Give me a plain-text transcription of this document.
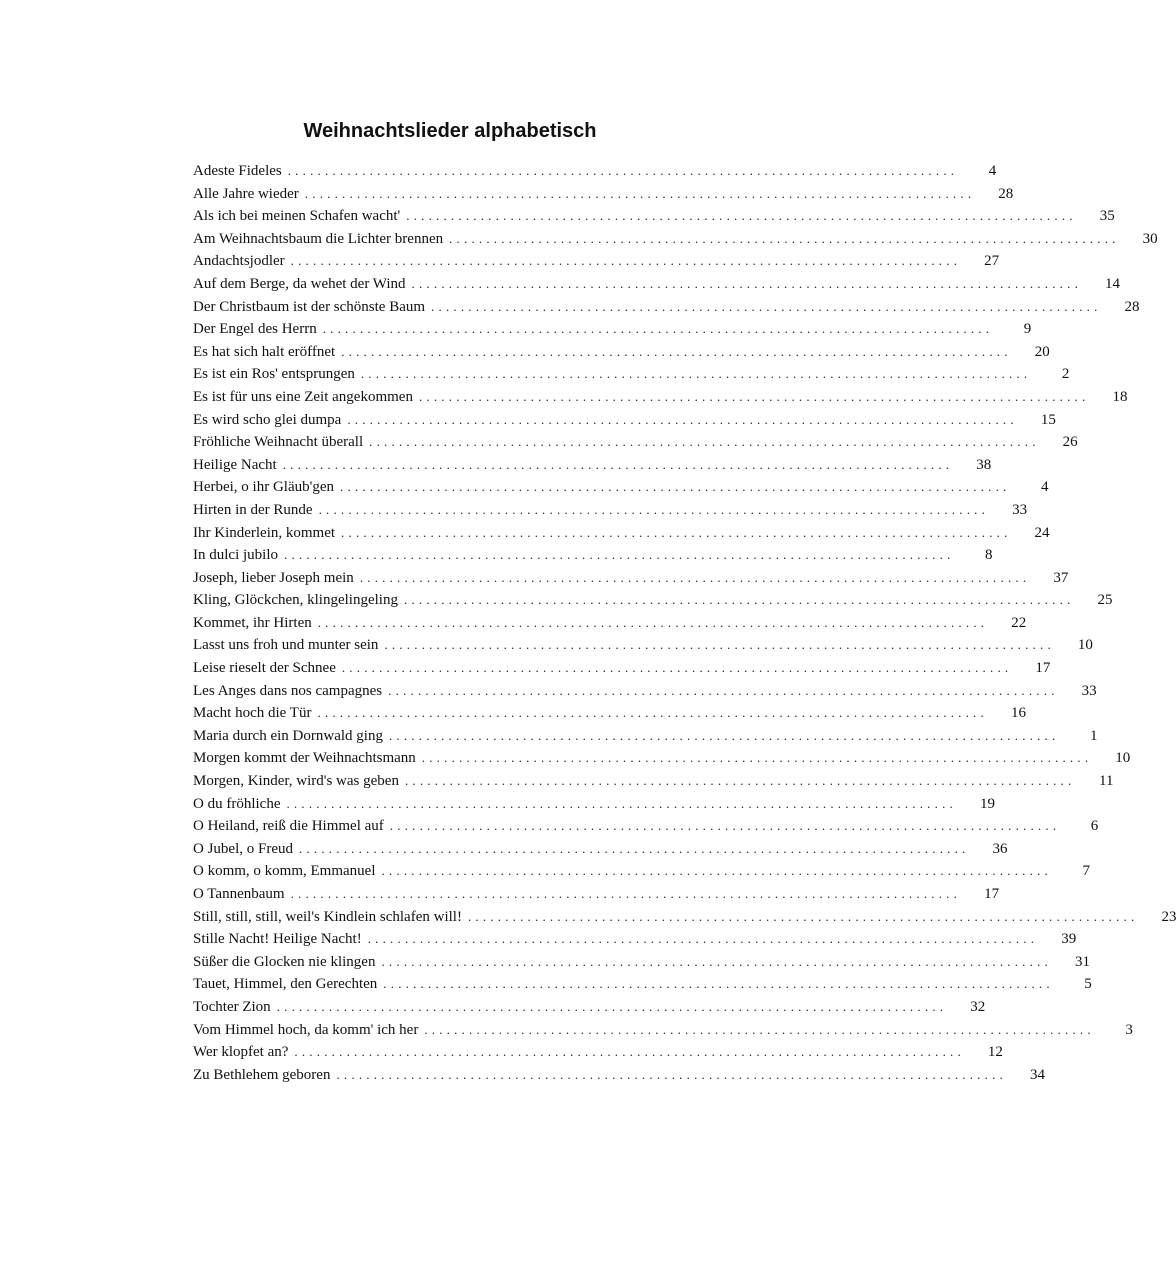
Weihnachtslieder alphabetisch
Adeste Fideles ..........................................................................................	4
Alle Jahre wieder ..........................................................................................	28
Als ich bei meinen Schafen wacht' ..........................................................................................	35
Am Weihnachtsbaum die Lichter brennen ..........................................................................................	30
Andachtsjodler ..........................................................................................	27
Auf dem Berge, da wehet der Wind ..........................................................................................	14
Der Christbaum ist der schönste Baum ..........................................................................................	28
Der Engel des Herrn ..........................................................................................	9
Es hat sich halt eröffnet ..........................................................................................	20
Es ist ein Ros' entsprungen ..........................................................................................	2
Es ist für uns eine Zeit angekommen ..........................................................................................	18
Es wird scho glei dumpa ..........................................................................................	15
Fröhliche Weihnacht überall ..........................................................................................	26
Heilige Nacht ..........................................................................................	38
Herbei, o ihr Gläub'gen ..........................................................................................	4
Hirten in der Runde ..........................................................................................	33
Ihr Kinderlein, kommet ..........................................................................................	24
In dulci jubilo ..........................................................................................	8
Joseph, lieber Joseph mein ..........................................................................................	37
Kling, Glöckchen, klingelingeling ..........................................................................................	25
Kommet, ihr Hirten ..........................................................................................	22
Lasst uns froh und munter sein ..........................................................................................	10
Leise rieselt der Schnee ..........................................................................................	17
Les Anges dans nos campagnes ..........................................................................................	33
Macht hoch die Tür ..........................................................................................	16
Maria durch ein Dornwald ging ..........................................................................................	1
Morgen kommt der Weihnachtsmann ..........................................................................................	10
Morgen, Kinder, wird's was geben ..........................................................................................	11
O du fröhliche ..........................................................................................	19
O Heiland, reiß die Himmel auf ..........................................................................................	6
O Jubel, o Freud ..........................................................................................	36
O komm, o komm, Emmanuel ..........................................................................................	7
O Tannenbaum ..........................................................................................	17
Still, still, still, weil's Kindlein schlafen will! ..........................................................................................	23
Stille Nacht! Heilige Nacht! ..........................................................................................	39
Süßer die Glocken nie klingen ..........................................................................................	31
Tauet, Himmel, den Gerechten ..........................................................................................	5
Tochter Zion ..........................................................................................	32
Vom Himmel hoch, da komm' ich her ..........................................................................................	3
Wer klopfet an? ..........................................................................................	12
Zu Bethlehem geboren ..........................................................................................	34
